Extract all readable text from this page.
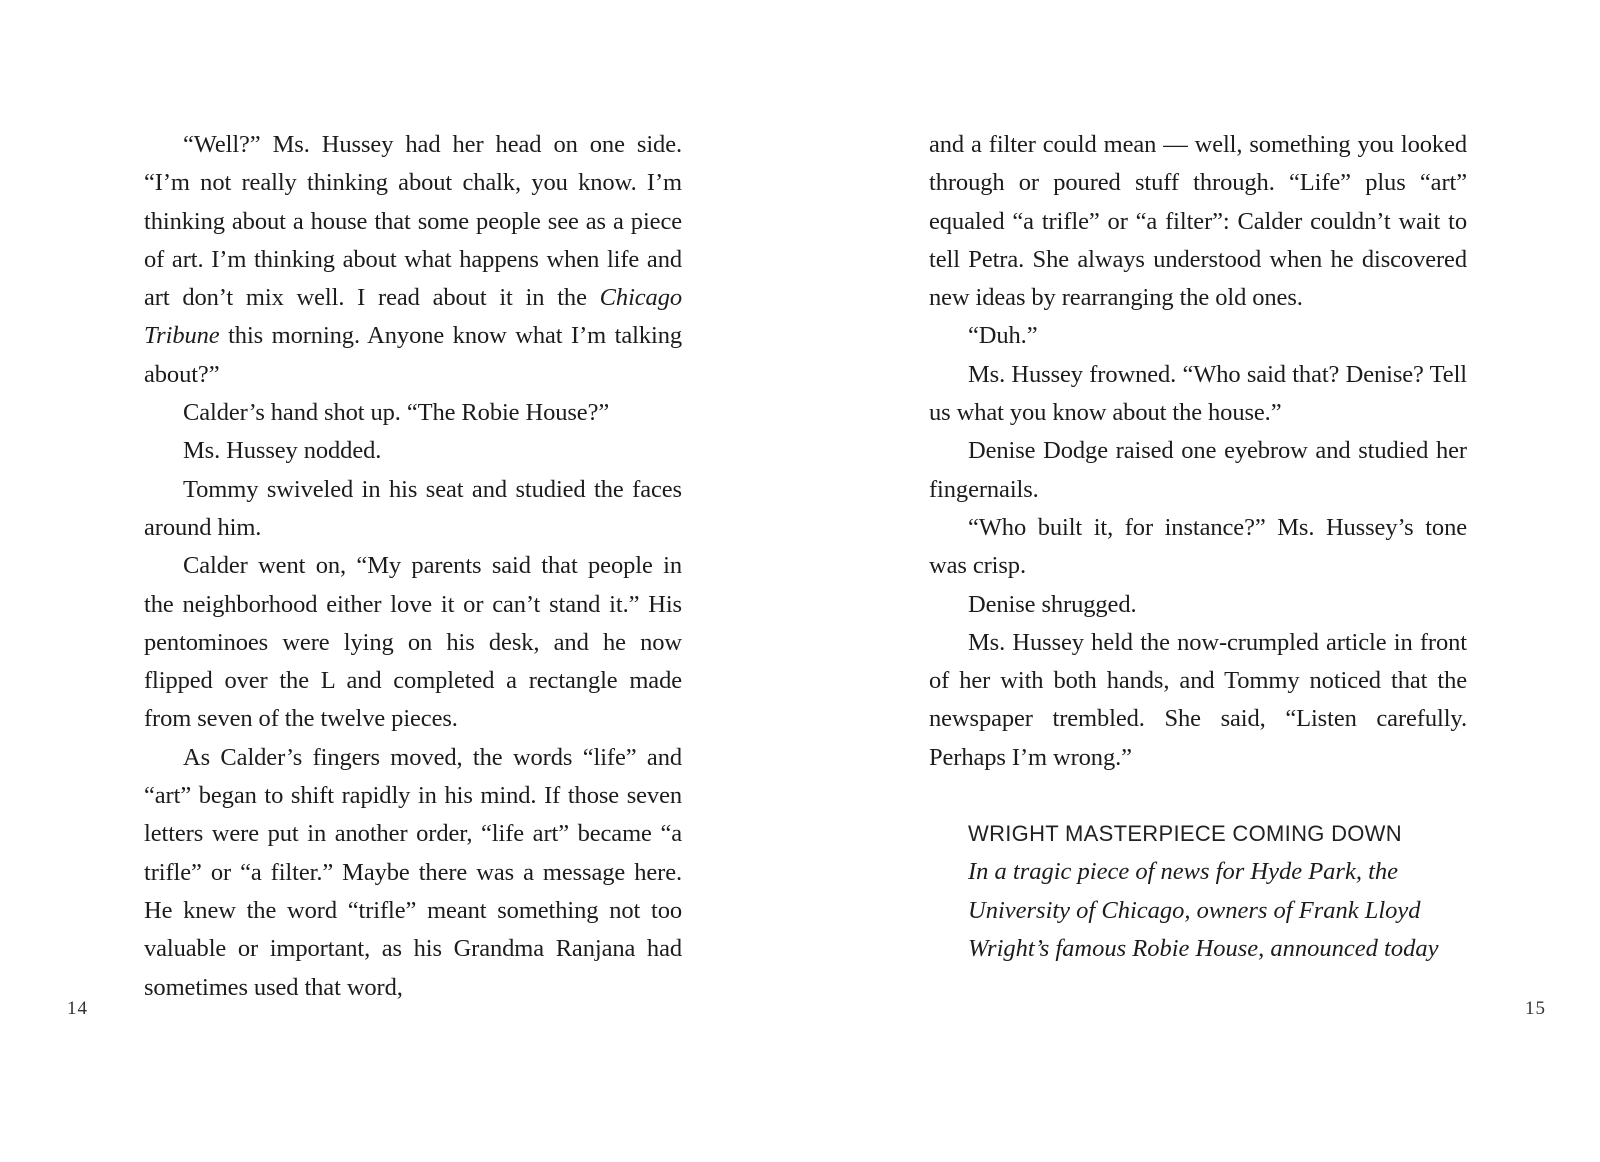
“Well?” Ms. Hussey had her head on one side. “I’m not really thinking about chalk, you know. I’m thinking about a house that some people see as a piece of art. I’m thinking about what happens when life and art don’t mix well. I read about it in the Chicago Tribune this morning. Anyone know what I’m talking about?”

Calder’s hand shot up. “The Robie House?”

Ms. Hussey nodded.

Tommy swiveled in his seat and studied the faces around him.

Calder went on, “My parents said that people in the neighborhood either love it or can’t stand it.” His pentominoes were lying on his desk, and he now flipped over the L and completed a rectangle made from seven of the twelve pieces.

As Calder’s fingers moved, the words “life” and “art” began to shift rapidly in his mind. If those seven letters were put in another order, “life art” became “a trifle” or “a filter.” Maybe there was a message here. He knew the word “trifle” meant something not too valuable or important, as his Grandma Ranjana had sometimes used that word,

and a filter could mean — well, something you looked through or poured stuff through. “Life” plus “art” equaled “a trifle” or “a filter”: Calder couldn’t wait to tell Petra. She always understood when he discovered new ideas by rearranging the old ones.

“Duh.”

Ms. Hussey frowned. “Who said that? Denise? Tell us what you know about the house.”

Denise Dodge raised one eyebrow and studied her fingernails.

“Who built it, for instance?” Ms. Hussey’s tone was crisp.

Denise shrugged.

Ms. Hussey held the now-crumpled article in front of her with both hands, and Tommy noticed that the newspaper trembled. She said, “Listen carefully. Perhaps I’m wrong.”

WRIGHT MASTERPIECE COMING DOWN

In a tragic piece of news for Hyde Park, the
University of Chicago, owners of Frank Lloyd
Wright’s famous Robie House, announced today
14	15
